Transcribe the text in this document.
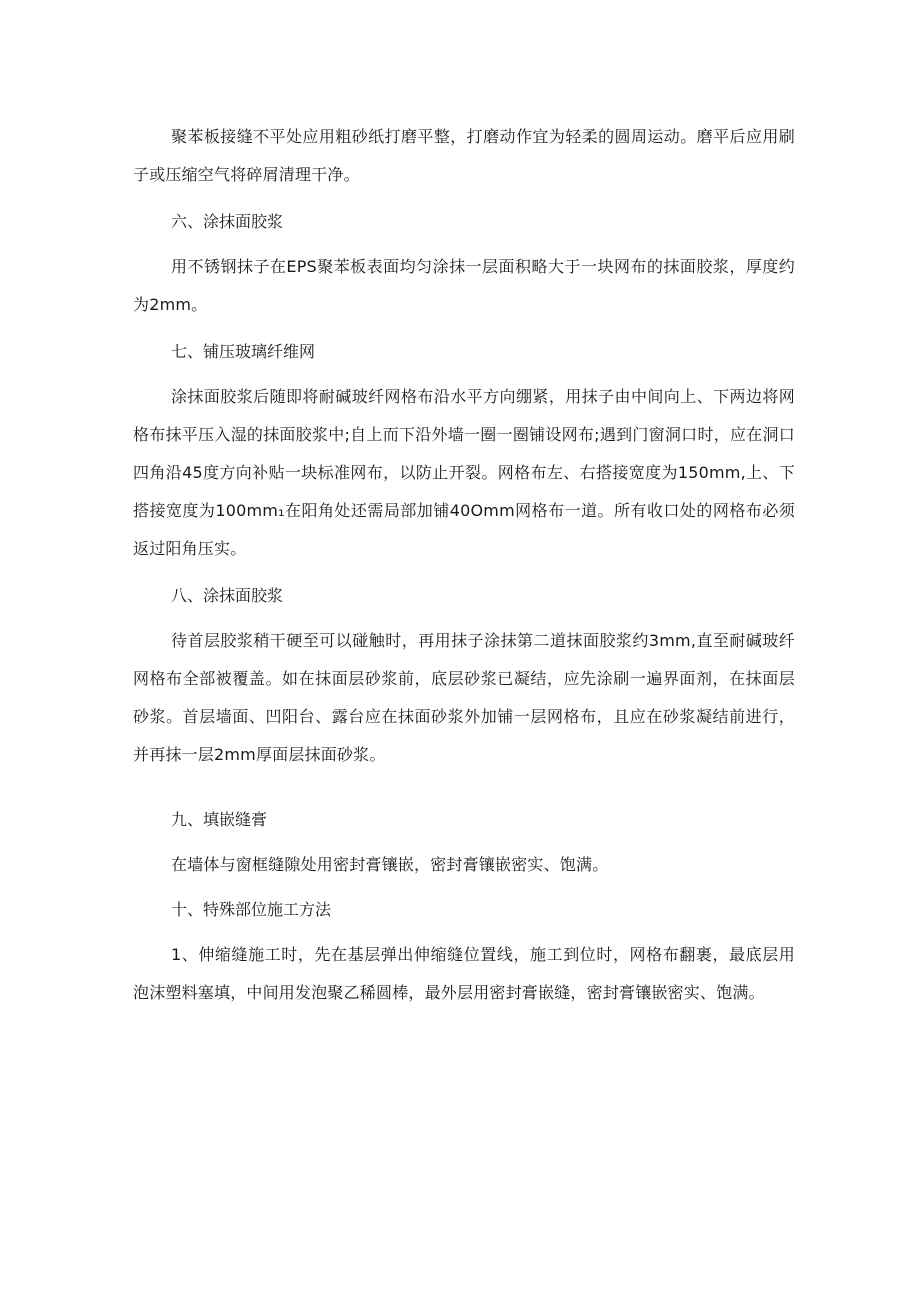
聚苯板接缝不平处应用粗砂纸打磨平整，打磨动作宜为轻柔的圆周运动。磨平后应用刷子或压缩空气将碎屑清理干净。

六、涂抹面胶浆

用不锈钢抹子在EPS聚苯板表面均匀涂抹一层面积略大于一块网布的抹面胶浆，厚度约为2mm。

七、铺压玻璃纤维网

涂抹面胶浆后随即将耐碱玻纤网格布沿水平方向绷紧，用抹子由中间向上、下两边将网格布抹平压入湿的抹面胶浆中;自上而下沿外墙一圈一圈铺设网布;遇到门窗洞口时，应在洞口四角沿45度方向补贴一块标准网布，以防止开裂。网格布左、右搭接宽度为150mm,上、下搭接宽度为100mm₁在阳角处还需局部加铺40Omm网格布一道。所有收口处的网格布必须返过阳角压实。

八、涂抹面胶浆

待首层胶浆稍干硬至可以碰触时，再用抹子涂抹第二道抹面胶浆约3mm,直至耐碱玻纤网格布全部被覆盖。如在抹面层砂浆前，底层砂浆已凝结，应先涂刷一遍界面剂，在抹面层砂浆。首层墙面、凹阳台、露台应在抹面砂浆外加铺一层网格布，且应在砂浆凝结前进行，并再抹一层2mm厚面层抹面砂浆。

九、填嵌缝膏

在墙体与窗框缝隙处用密封膏镶嵌，密封膏镶嵌密实、饱满。

十、特殊部位施工方法

1、伸缩缝施工时，先在基层弹出伸缩缝位置线，施工到位时，网格布翻裹，最底层用泡沫塑料塞填，中间用发泡聚乙稀圆棒，最外层用密封膏嵌缝，密封膏镶嵌密实、饱满。
